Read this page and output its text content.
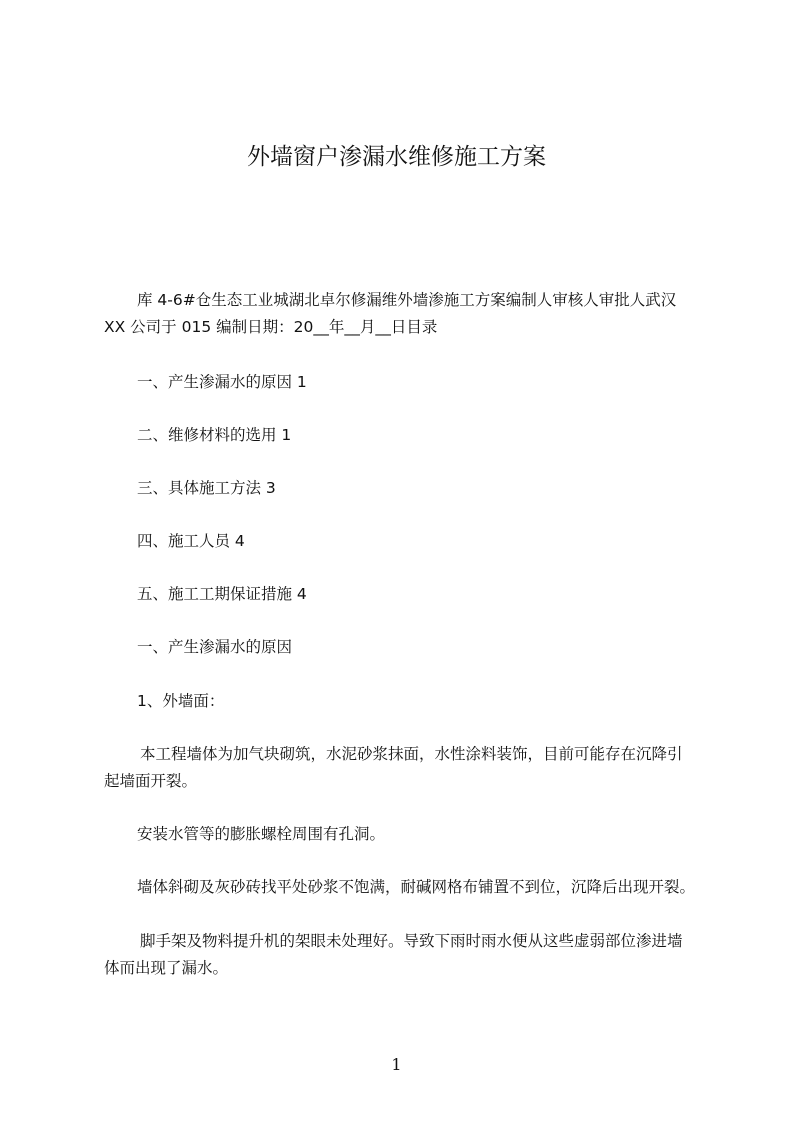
外墙窗户渗漏水维修施工方案
库 4-6#仓生态工业城湖北卓尔修漏维外墙渗施工方案编制人审核人审批人武汉
XX 公司于 015 编制日期：20__年__月__日目录
一、产生渗漏水的原因 1
二、维修材料的选用 1
三、具体施工方法 3
四、施工人员 4
五、施工工期保证措施 4
一、产生渗漏水的原因
1、外墙面：
本工程墙体为加气块砌筑，水泥砂浆抹面，水性涂料装饰，目前可能存在沉降引
起墙面开裂。
安装水管等的膨胀螺栓周围有孔洞。
墙体斜砌及灰砂砖找平处砂浆不饱满，耐碱网格布铺置不到位，沉降后出现开裂。
脚手架及物料提升机的架眼未处理好。导致下雨时雨水便从这些虚弱部位渗进墙
体而出现了漏水。
1
